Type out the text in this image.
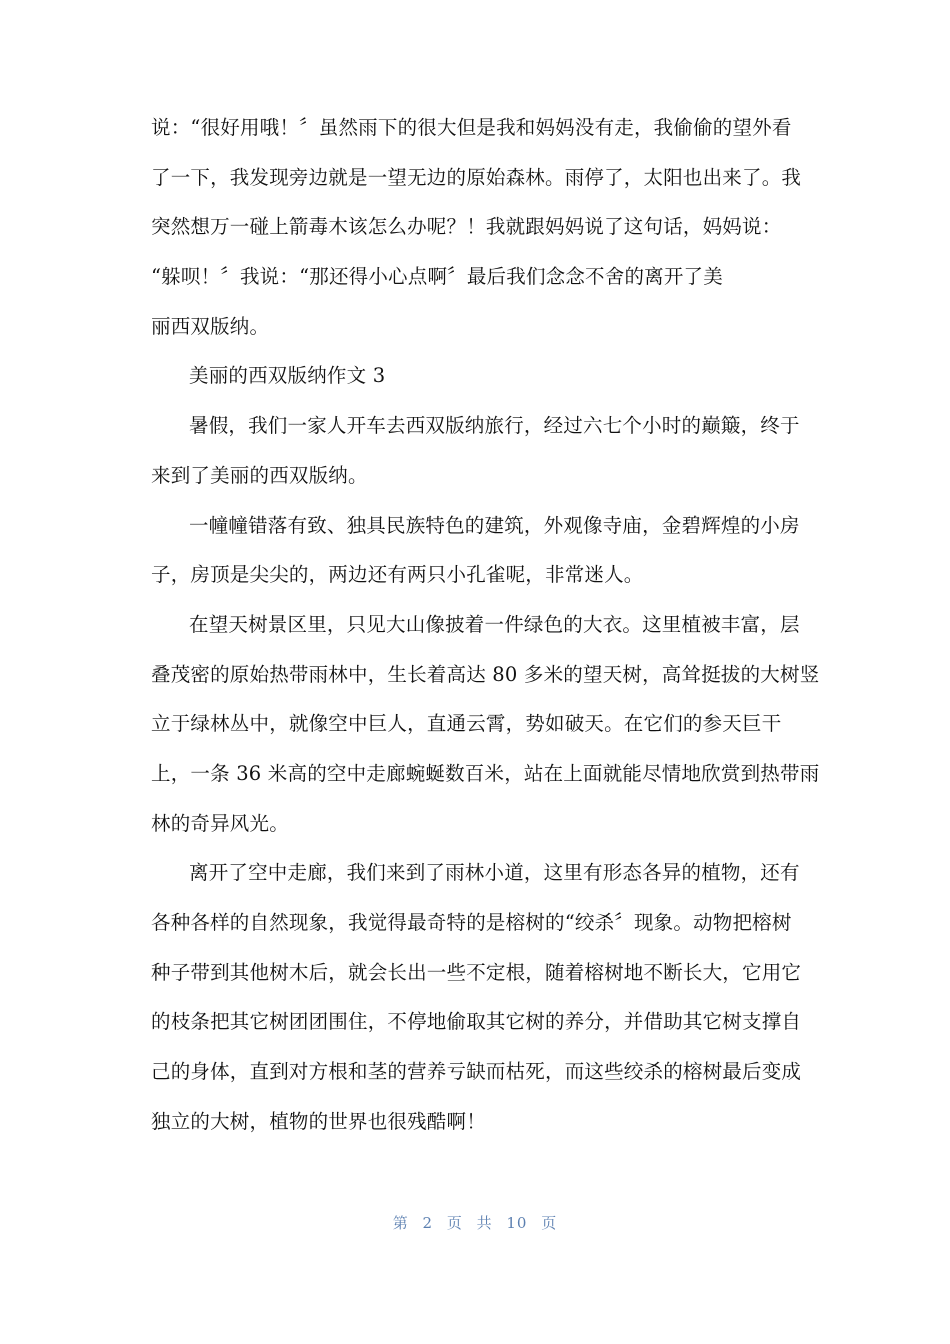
说：“很好用哦！〞虽然雨下的很大但是我和妈妈没有走，我偷偷的望外看
了一下，我发现旁边就是一望无边的原始森林。雨停了，太阳也出来了。我
突然想万一碰上箭毒木该怎么办呢？！我就跟妈妈说了这句话，妈妈说：
“躲呗！〞我说：“那还得小心点啊〞最后我们念念不舍的离开了美
丽西双版纳。
美丽的西双版纳作文 3
暑假，我们一家人开车去西双版纳旅行，经过六七个小时的巅簸，终于
来到了美丽的西双版纳。
一幢幢错落有致、独具民族特色的建筑，外观像寺庙，金碧辉煌的小房
子，房顶是尖尖的，两边还有两只小孔雀呢，非常迷人。
在望天树景区里，只见大山像披着一件绿色的大衣。这里植被丰富，层
叠茂密的原始热带雨林中，生长着高达 80 多米的望天树，高耸挺拔的大树竖
立于绿林丛中，就像空中巨人，直通云霄，势如破天。在它们的参天巨干
上，一条 36 米高的空中走廊蜿蜒数百米，站在上面就能尽情地欣赏到热带雨
林的奇异风光。
离开了空中走廊，我们来到了雨林小道，这里有形态各异的植物，还有
各种各样的自然现象，我觉得最奇特的是榕树的“绞杀〞现象。动物把榕树
种子带到其他树木后，就会长出一些不定根，随着榕树地不断长大，它用它
的枝条把其它树团团围住，不停地偷取其它树的养分，并借助其它树支撑自
己的身体，直到对方根和茎的营养亏缺而枯死，而这些绞杀的榕树最后变成
独立的大树，植物的世界也很残酷啊！
第 2 页 共 10 页
